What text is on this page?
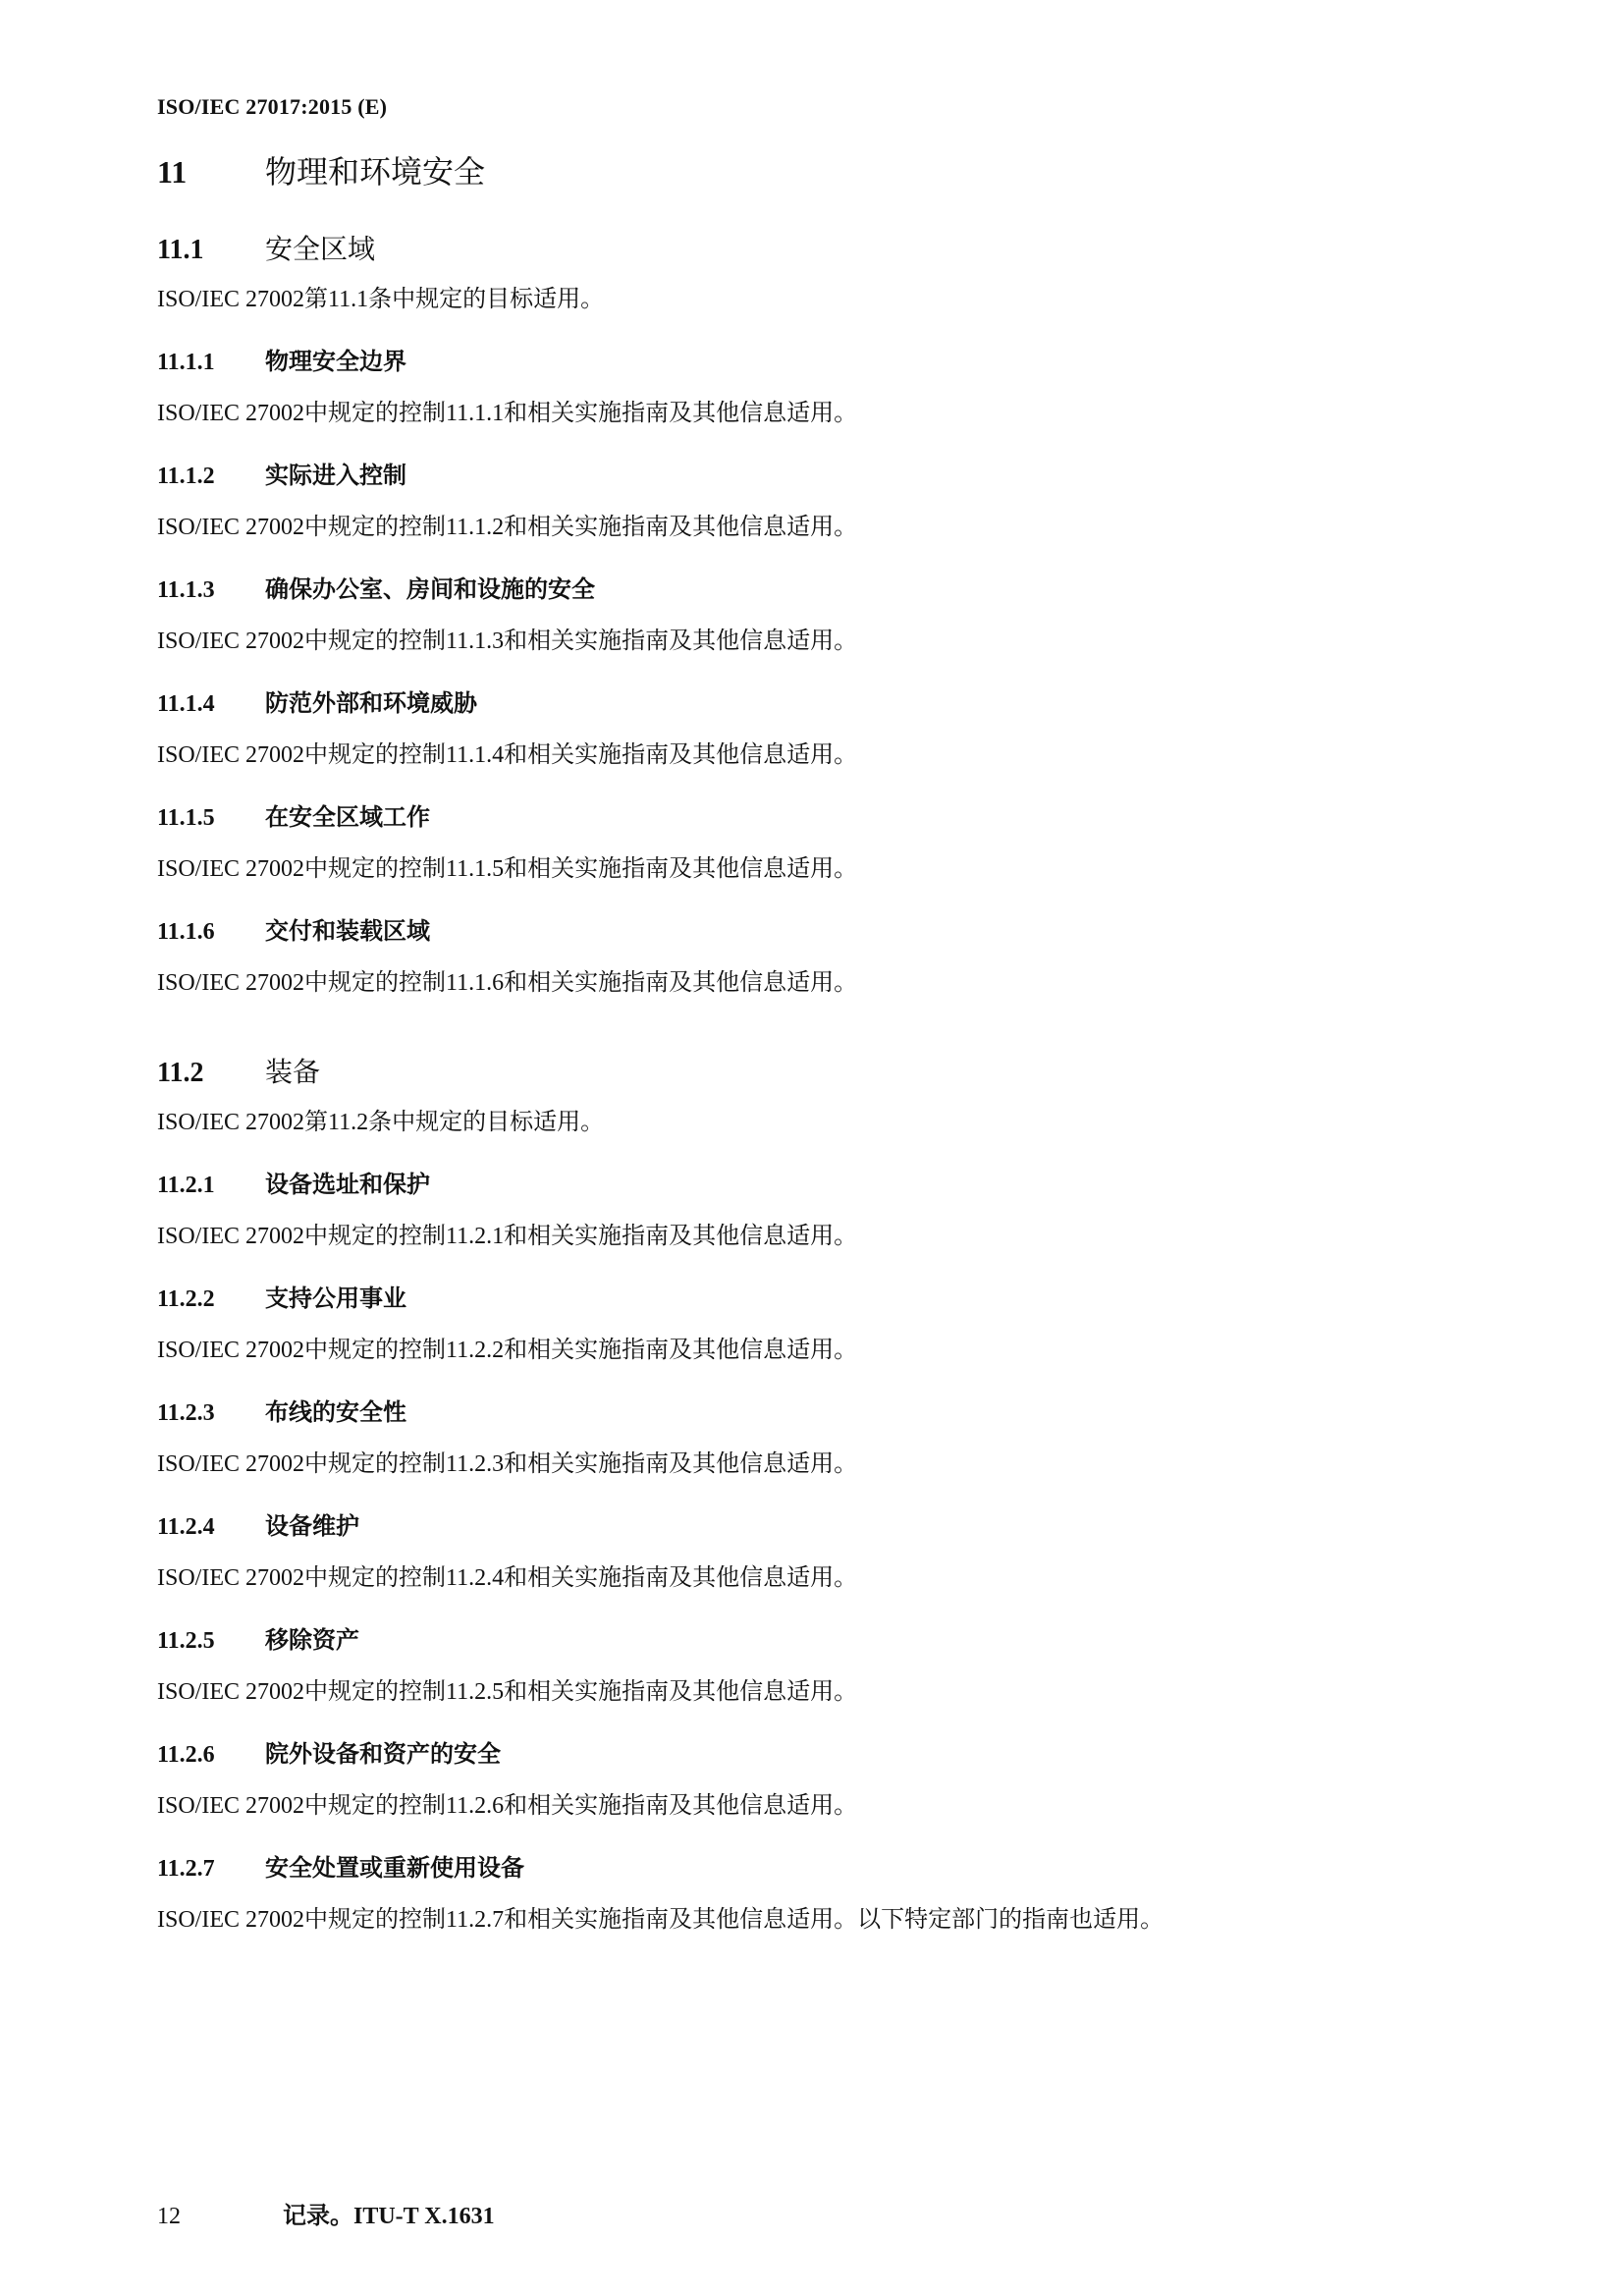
ISO/IEC 27017:2015 (E)
11	物理和环境安全
11.1	安全区域
ISO/IEC 27002第11.1条中规定的目标适用。
11.1.1	物理安全边界
ISO/IEC 27002中规定的控制11.1.1和相关实施指南及其他信息适用。
11.1.2	实际进入控制
ISO/IEC 27002中规定的控制11.1.2和相关实施指南及其他信息适用。
11.1.3	确保办公室、房间和设施的安全
ISO/IEC 27002中规定的控制11.1.3和相关实施指南及其他信息适用。
11.1.4	防范外部和环境威胁
ISO/IEC 27002中规定的控制11.1.4和相关实施指南及其他信息适用。
11.1.5	在安全区域工作
ISO/IEC 27002中规定的控制11.1.5和相关实施指南及其他信息适用。
11.1.6	交付和装载区域
ISO/IEC 27002中规定的控制11.1.6和相关实施指南及其他信息适用。
11.2	装备
ISO/IEC 27002第11.2条中规定的目标适用。
11.2.1	设备选址和保护
ISO/IEC 27002中规定的控制11.2.1和相关实施指南及其他信息适用。
11.2.2	支持公用事业
ISO/IEC 27002中规定的控制11.2.2和相关实施指南及其他信息适用。
11.2.3	布线的安全性
ISO/IEC 27002中规定的控制11.2.3和相关实施指南及其他信息适用。
11.2.4	设备维护
ISO/IEC 27002中规定的控制11.2.4和相关实施指南及其他信息适用。
11.2.5	移除资产
ISO/IEC 27002中规定的控制11.2.5和相关实施指南及其他信息适用。
11.2.6	院外设备和资产的安全
ISO/IEC 27002中规定的控制11.2.6和相关实施指南及其他信息适用。
11.2.7	安全处置或重新使用设备
ISO/IEC 27002中规定的控制11.2.7和相关实施指南及其他信息适用。以下特定部门的指南也适用。
12	记录。ITU-T X.1631
